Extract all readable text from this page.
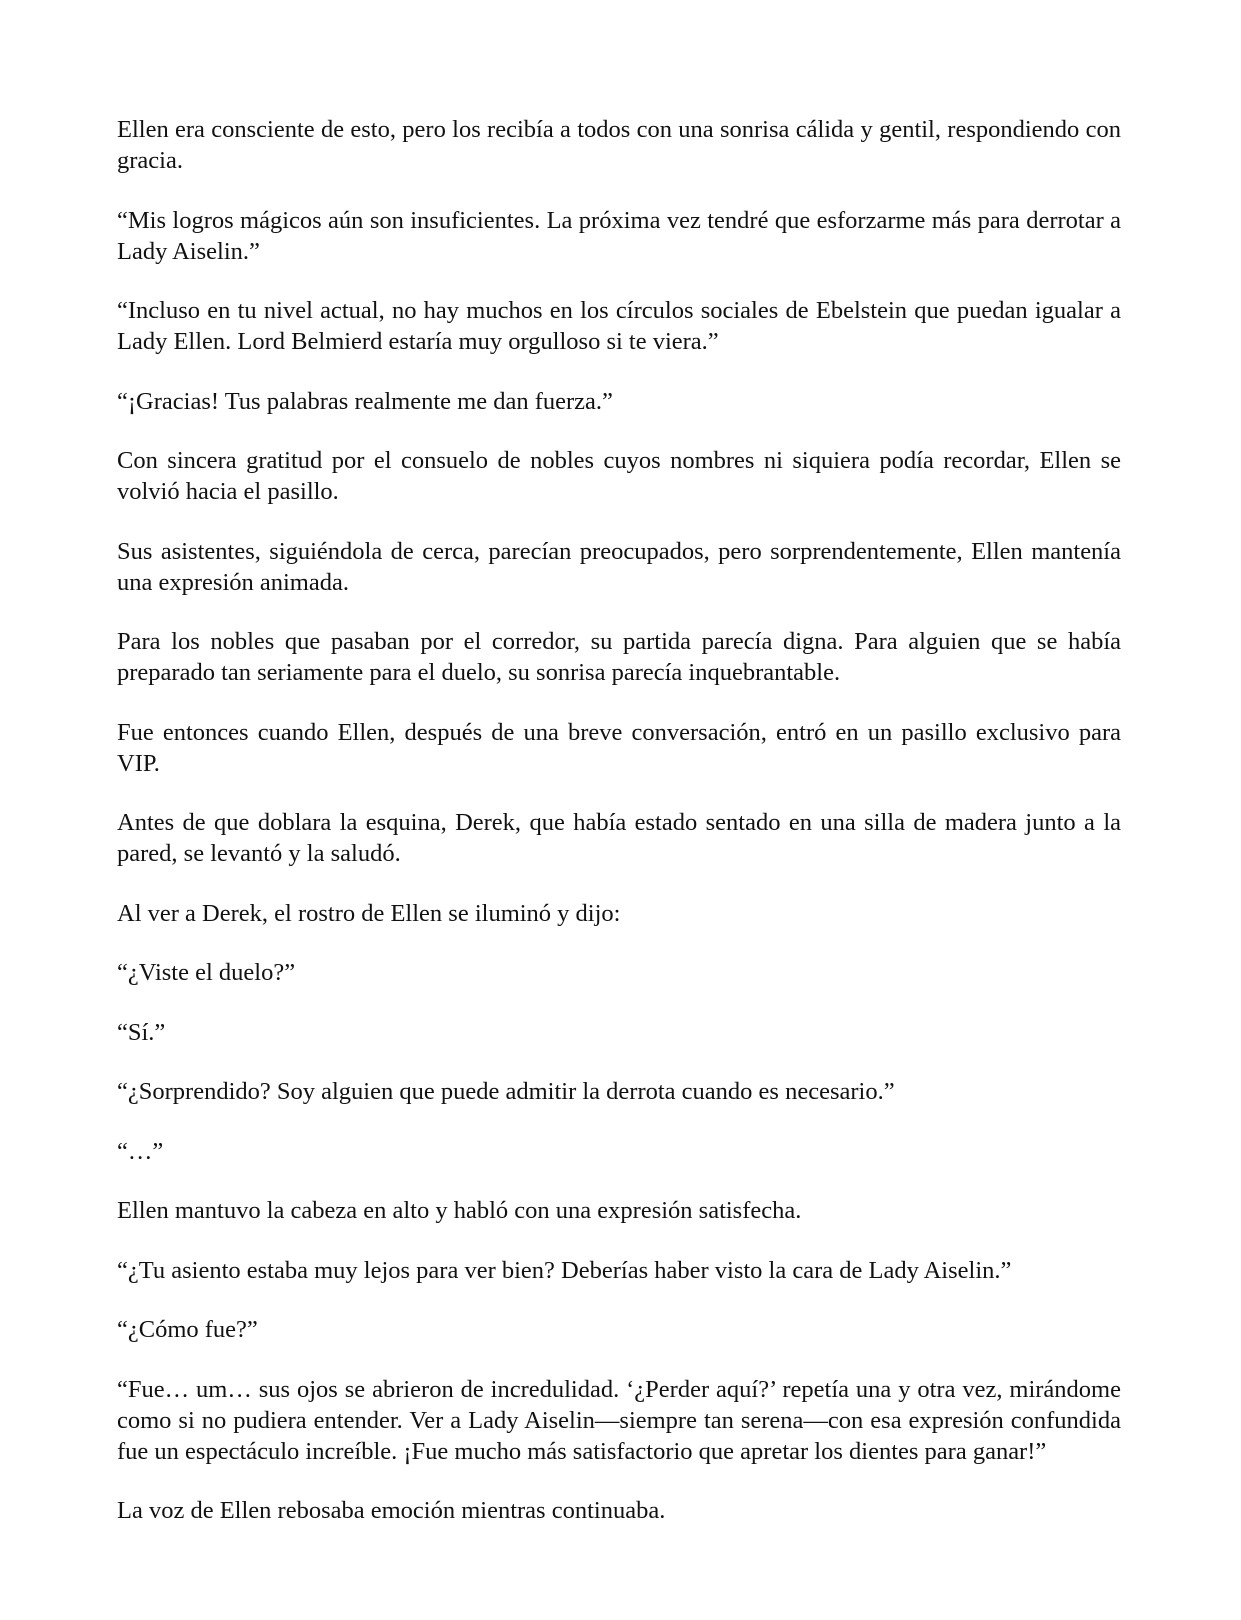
Ellen era consciente de esto, pero los recibía a todos con una sonrisa cálida y gentil, respondiendo con gracia.

“Mis logros mágicos aún son insuficientes. La próxima vez tendré que esforzarme más para derrotar a Lady Aiselin.”

“Incluso en tu nivel actual, no hay muchos en los círculos sociales de Ebelstein que puedan igualar a Lady Ellen. Lord Belmierd estaría muy orgulloso si te viera.”

“¡Gracias! Tus palabras realmente me dan fuerza.”

Con sincera gratitud por el consuelo de nobles cuyos nombres ni siquiera podía recordar, Ellen se volvió hacia el pasillo.

Sus asistentes, siguiéndola de cerca, parecían preocupados, pero sorprendentemente, Ellen mantenía una expresión animada.

Para los nobles que pasaban por el corredor, su partida parecía digna. Para alguien que se había preparado tan seriamente para el duelo, su sonrisa parecía inquebrantable.

Fue entonces cuando Ellen, después de una breve conversación, entró en un pasillo exclusivo para VIP.

Antes de que doblara la esquina, Derek, que había estado sentado en una silla de madera junto a la pared, se levantó y la saludó.

Al ver a Derek, el rostro de Ellen se iluminó y dijo:

“¿Viste el duelo?”

“Sí.”

“¿Sorprendido? Soy alguien que puede admitir la derrota cuando es necesario.”

“…”

Ellen mantuvo la cabeza en alto y habló con una expresión satisfecha.

“¿Tu asiento estaba muy lejos para ver bien? Deberías haber visto la cara de Lady Aiselin.”

“¿Cómo fue?”

“Fue… um… sus ojos se abrieron de incredulidad. ‘¿Perder aquí?’ repetía una y otra vez, mirándome como si no pudiera entender. Ver a Lady Aiselin—siempre tan serena—con esa expresión confundida fue un espectáculo increíble. ¡Fue mucho más satisfactorio que apretar los dientes para ganar!”

La voz de Ellen rebosaba emoción mientras continuaba.
